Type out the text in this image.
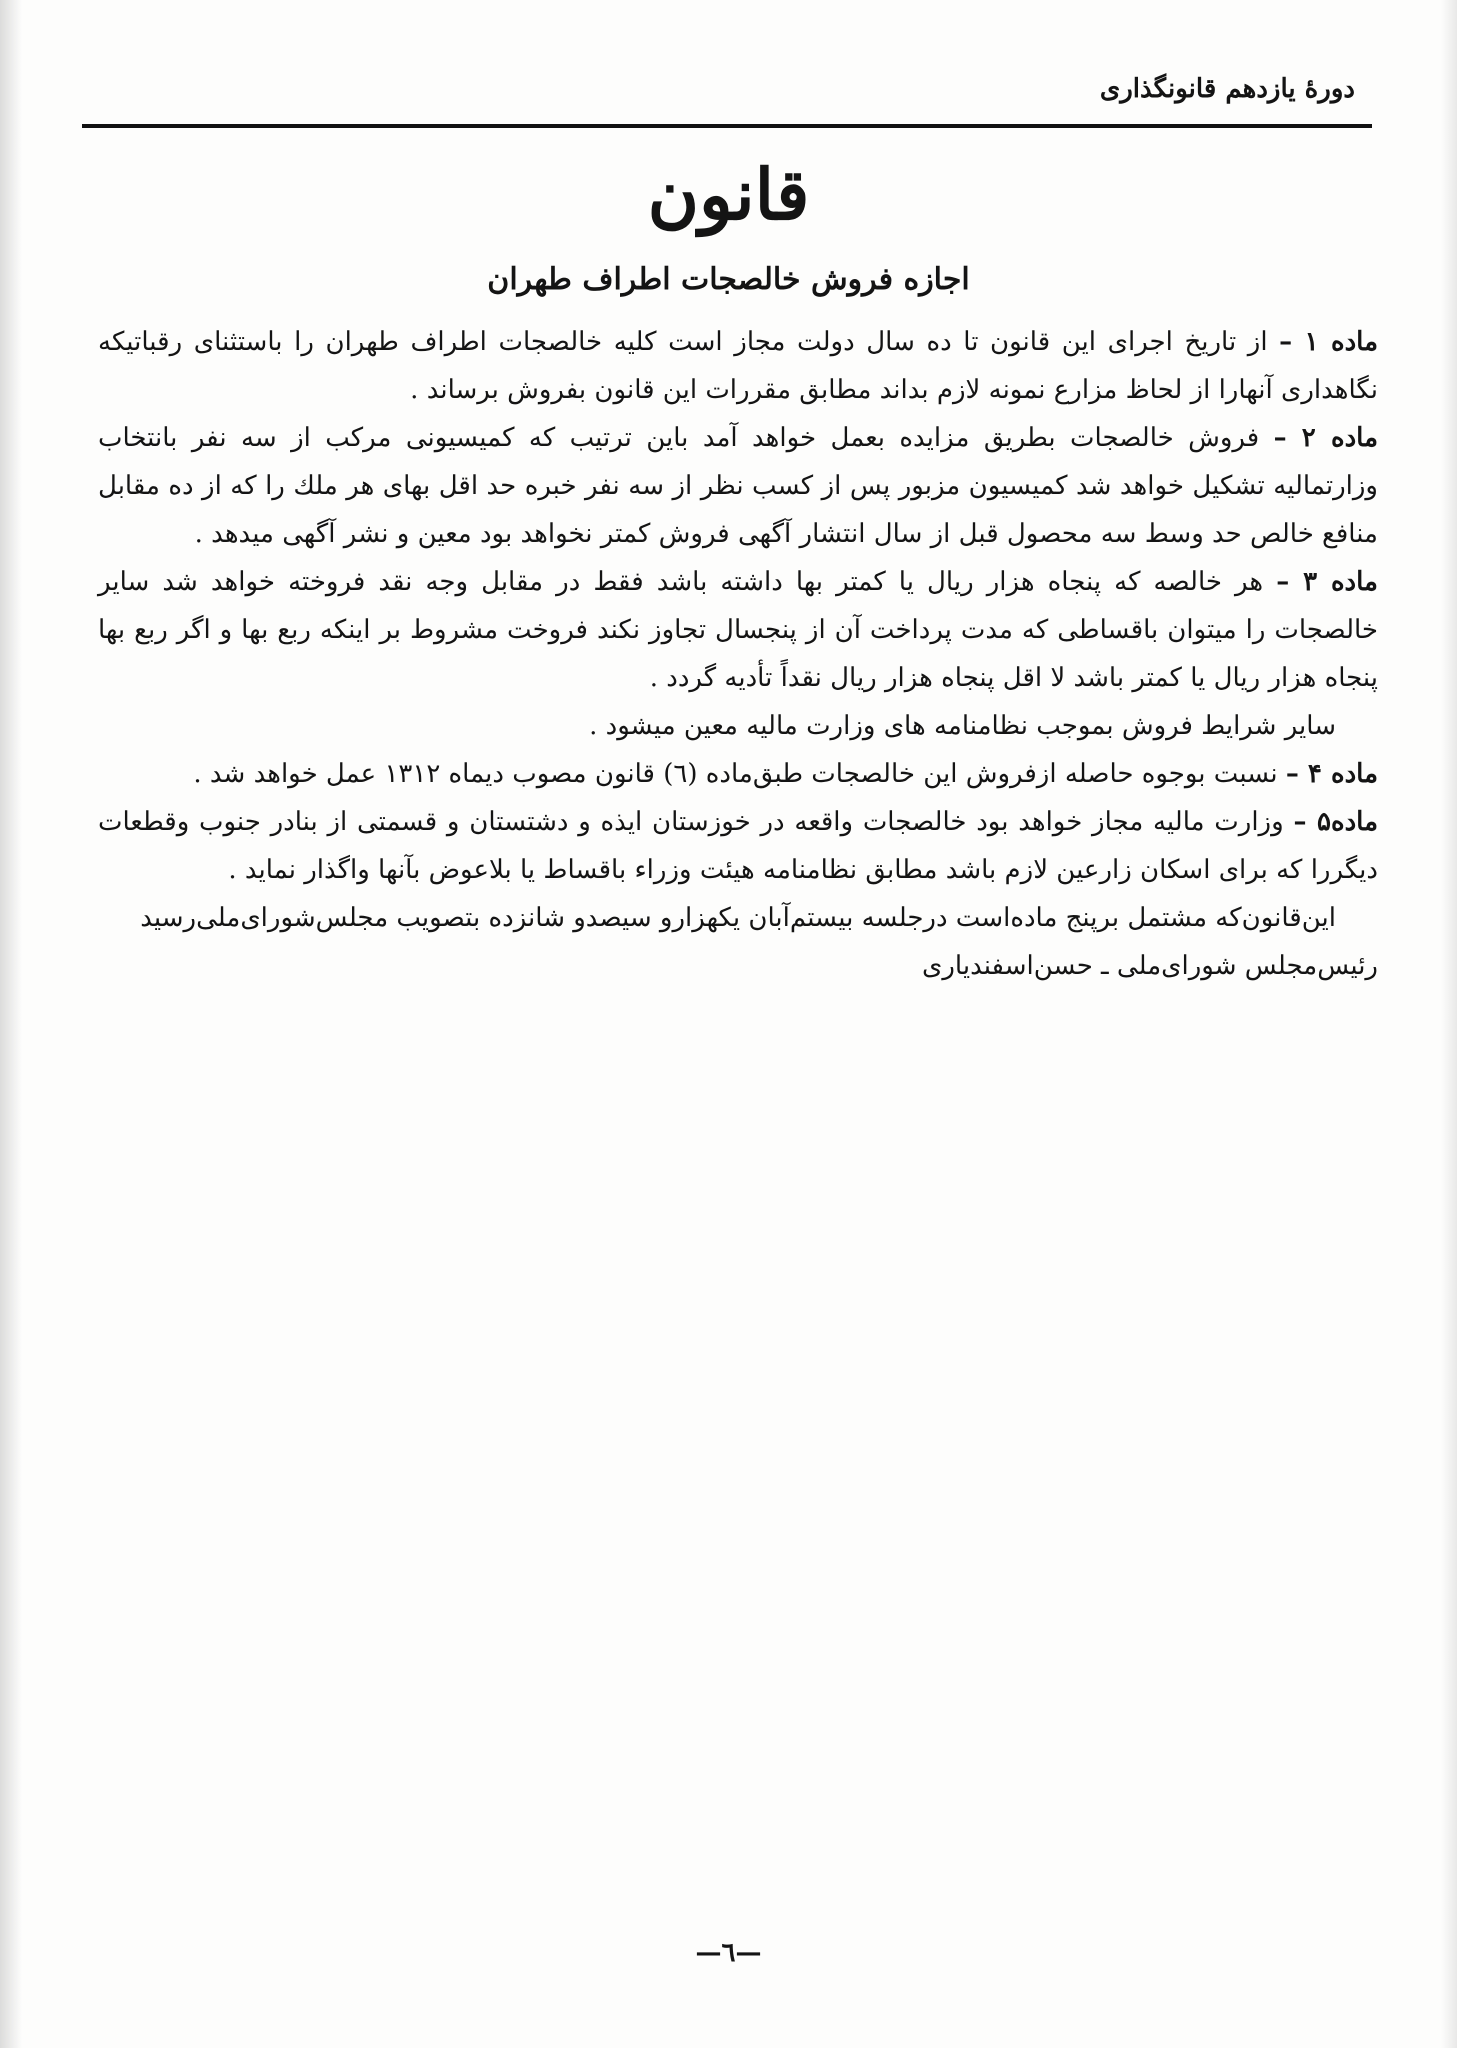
دورهٔ یازدهم قانونگذاری
قانون
اجازه فروش خالصجات اطراف طهران

ماده ۱ – از تاریخ اجرای این قانون تا ده سال دولت مجاز است کلیه خالصجات اطراف طهران را باستثنای رقباتیکه نگاهداری آنهارا از لحاظ مزارع نمونه لازم بداند مطابق مقررات این قانون بفروش برساند .

ماده ۲ – فروش خالصجات بطریق مزایده بعمل خواهد آمد باین ترتیب که کمیسیونی مرکب از سه نفر بانتخاب وزارتمالیه تشکیل خواهد شد کمیسیون مزبور پس از کسب نظر از سه نفر خبره حد اقل بهای هر ملك را که از ده مقابل منافع خالص حد وسط سه محصول قبل از سال انتشار آگهی فروش کمتر نخواهد بود معین و نشر آگهی میدهد .

ماده ۳ – هر خالصه که پنجاه هزار ریال یا کمتر بها داشته باشد فقط در مقابل وجه نقد فروخته خواهد شد سایر خالصجات را میتوان باقساطی که مدت پرداخت آن از پنجسال تجاوز نکند فروخت مشروط بر اینکه ربع بها و اگر ربع بها پنجاه هزار ریال یا کمتر باشد لا اقل پنجاه هزار ریال نقداً تأدیه گردد .

سایر شرایط فروش بموجب نظامنامه های وزارت مالیه معین میشود .

ماده ۴ – نسبت بوجوه حاصله ازفروش این خالصجات طبق‌ماده (٦) قانون مصوب دیماه ۱۳۱۲ عمل خواهد شد .

ماده۵ – وزارت مالیه مجاز خواهد بود خالصجات واقعه در خوزستان ایذه و دشتستان و قسمتی از بنادر جنوب وقطعات دیگررا که برای اسکان زارعین لازم باشد مطابق نظامنامه هیئت وزراء باقساط یا بلاعوض بآنها واگذار نماید .

این‌قانون‌که مشتمل برپنج ماده‌است درجلسه بیستم‌آبان یکهزارو سیصدو شانزده بتصویب مجلس‌شورای‌ملی‌رسید

رئیس‌مجلس شورای‌ملی ـ حسن‌اسفندیاری

—٦—
